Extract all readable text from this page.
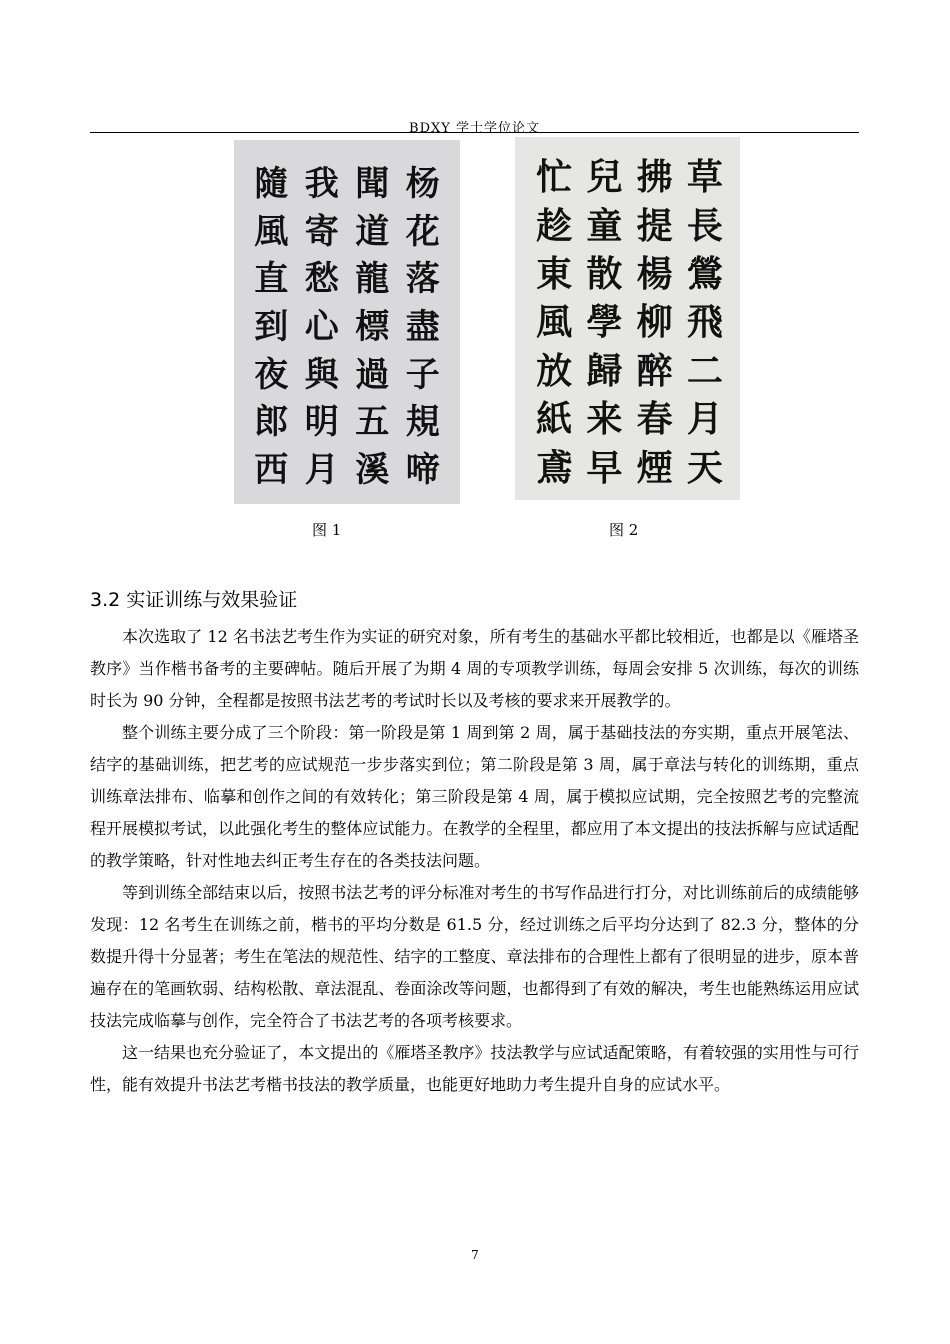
BDXY 学士学位论文
隨 我 聞 杨
風 寄 道 花
直 愁 龍 落
到 心 標 盡
夜 與 過 子
郎 明 五 規
西 月 溪 啼
忙 兒 拂 草
趁 童 提 長
東 散 楊 鶯
風 學 柳 飛
放 歸 醉 二
紙 来 春 月
鳶 早 煙 天
图 1	图 2
3.2 实证训练与效果验证

本次选取了 12 名书法艺考生作为实证的研究对象，所有考生的基础水平都比较相近，也都是以《雁塔圣教序》当作楷书备考的主要碑帖。随后开展了为期 4 周的专项教学训练，每周会安排 5 次训练，每次的训练时长为 90 分钟，全程都是按照书法艺考的考试时长以及考核的要求来开展教学的。

整个训练主要分成了三个阶段：第一阶段是第 1 周到第 2 周，属于基础技法的夯实期，重点开展笔法、结字的基础训练，把艺考的应试规范一步步落实到位；第二阶段是第 3 周，属于章法与转化的训练期，重点训练章法排布、临摹和创作之间的有效转化；第三阶段是第 4 周，属于模拟应试期，完全按照艺考的完整流程开展模拟考试，以此强化考生的整体应试能力。在教学的全程里，都应用了本文提出的技法拆解与应试适配的教学策略，针对性地去纠正考生存在的各类技法问题。

等到训练全部结束以后，按照书法艺考的评分标准对考生的书写作品进行打分，对比训练前后的成绩能够发现：12 名考生在训练之前，楷书的平均分数是 61.5 分，经过训练之后平均分达到了 82.3 分，整体的分数提升得十分显著；考生在笔法的规范性、结字的工整度、章法排布的合理性上都有了很明显的进步，原本普遍存在的笔画软弱、结构松散、章法混乱、卷面涂改等问题，也都得到了有效的解决，考生也能熟练运用应试技法完成临摹与创作，完全符合了书法艺考的各项考核要求。

这一结果也充分验证了，本文提出的《雁塔圣教序》技法教学与应试适配策略，有着较强的实用性与可行性，能有效提升书法艺考楷书技法的教学质量，也能更好地助力考生提升自身的应试水平。

7
